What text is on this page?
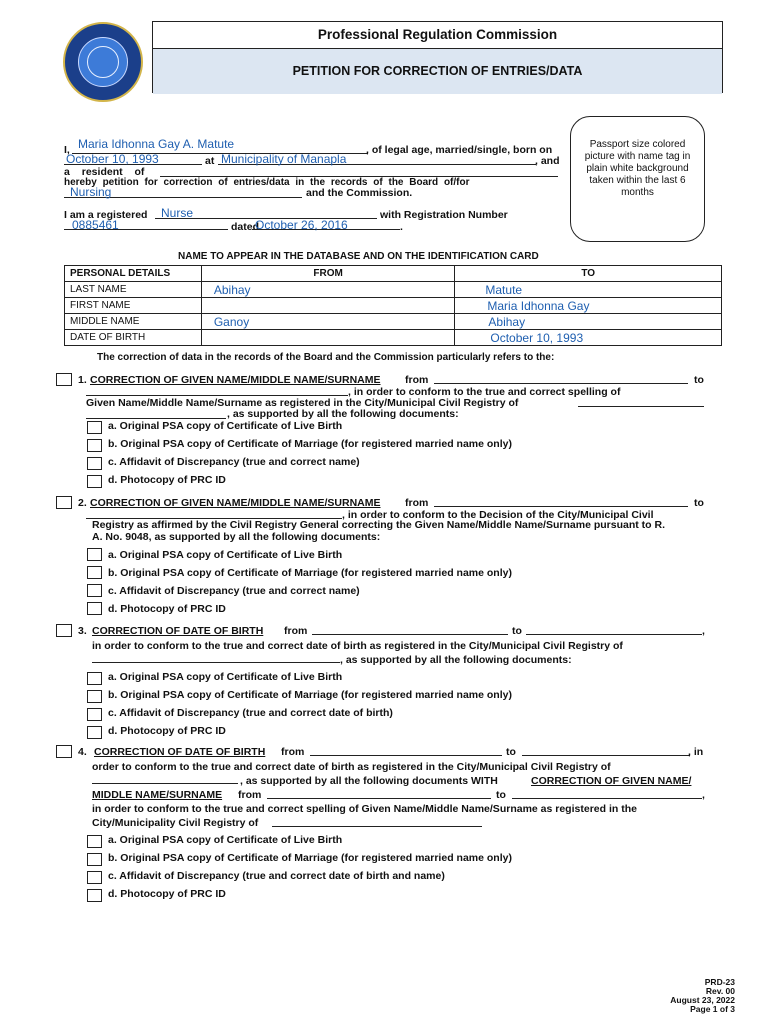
Professional Regulation Commission
PETITION FOR CORRECTION OF ENTRIES/DATA
Passport size colored picture with name tag in plain white background taken within the last 6 months
I, Maria Idhonna Gay A. Matute	, of legal age, married/single, born on
October 10, 1993	at Municipality of Manapla	, and
a resident of
hereby petition for correction of entries/data in the records of the Board of/for
Nursing	and the Commission.
I am a registered Nurse	with Registration Number
0885461	dated
October 26, 2016	.
NAME TO APPEAR IN THE DATABASE AND ON THE IDENTIFICATION CARD
PERSONAL DETAILS	FROM	TO
LAST NAME	Abihay	Matute
FIRST NAME		Maria Idhonna Gay
MIDDLE NAME	Ganoy	Abihay
DATE OF BIRTH		October 10, 1993
The correction of data in the records of the Board and the Commission particularly refers to the:
1. CORRECTION OF GIVEN NAME/MIDDLE NAME/SURNAME from	to
, in order to conform to the true and correct spelling of
Given Name/Middle Name/Surname as registered in the City/Municipal Civil Registry of
, as supported by all the following documents:
a. Original PSA copy of Certificate of Live Birth
b. Original PSA copy of Certificate of Marriage (for registered married name only)
c. Affidavit of Discrepancy (true and correct name)
d. Photocopy of PRC ID
2. CORRECTION OF GIVEN NAME/MIDDLE NAME/SURNAME from	to
, in order to conform to the Decision of the City/Municipal Civil
Registry as affirmed by the Civil Registry General correcting the Given Name/Middle Name/Surname pursuant to R.
A. No. 9048, as supported by all the following documents:
a. Original PSA copy of Certificate of Live Birth
b. Original PSA copy of Certificate of Marriage (for registered married name only)
c. Affidavit of Discrepancy (true and correct name)
d. Photocopy of PRC ID
3. CORRECTION OF DATE OF BIRTH from	to	,
in order to conform to the true and correct date of birth as registered in the City/Municipal Civil Registry of
, as supported by all the following documents:
a. Original PSA copy of Certificate of Live Birth
b. Original PSA copy of Certificate of Marriage (for registered married name only)
c. Affidavit of Discrepancy (true and correct date of birth)
d. Photocopy of PRC ID
4. CORRECTION OF DATE OF BIRTH from	to	, in
order to conform to the true and correct date of birth as registered in the City/Municipal Civil Registry of
, as supported by all the following documents WITH	CORRECTION OF GIVEN NAME/
MIDDLE NAME/SURNAME from	to	,
in order to conform to the true and correct spelling of Given Name/Middle Name/Surname as registered in the
City/Municipality Civil Registry of
a. Original PSA copy of Certificate of Live Birth
b. Original PSA copy of Certificate of Marriage (for registered married name only)
c. Affidavit of Discrepancy (true and correct date of birth and name)
d. Photocopy of PRC ID
PRD-23
Rev. 00
August 23, 2022
Page 1 of 3
